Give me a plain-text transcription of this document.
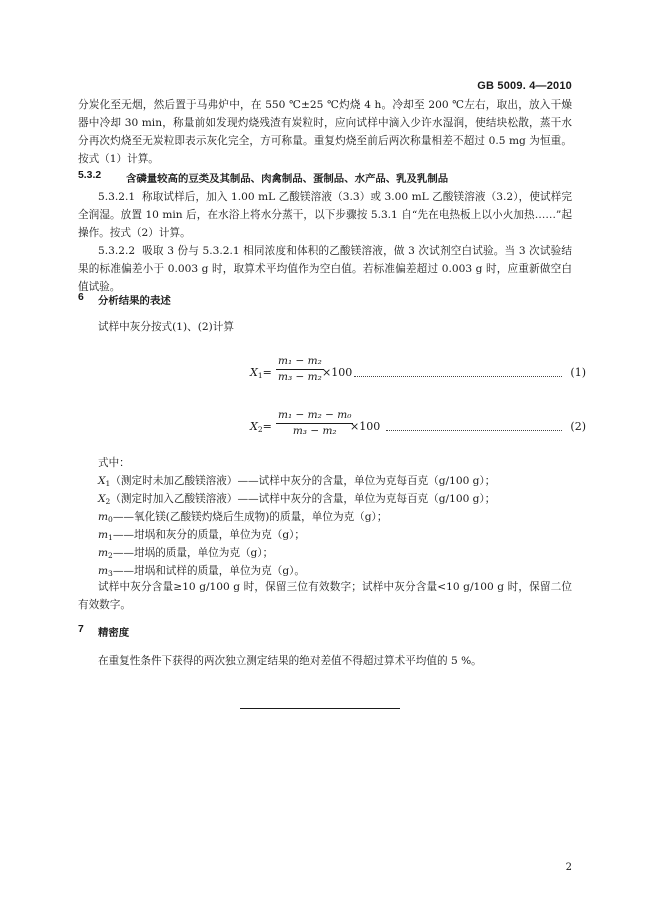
GB 5009. 4—2010
分炭化至无烟，然后置于马弗炉中，在 550 ℃±25 ℃灼烧 4 h。冷却至 200 ℃左右，取出，放入干燥器中冷却 30 min，称量前如发现灼烧残渣有炭粒时，应向试样中滴入少许水湿润，使结块松散，蒸干水分再次灼烧至无炭粒即表示灰化完全，方可称量。重复灼烧至前后两次称量相差不超过 0.5 mg 为恒重。按式（1）计算。
5.3.2 含磷量较高的豆类及其制品、肉禽制品、蛋制品、水产品、乳及乳制品
5.3.2.1 称取试样后，加入 1.00 mL 乙酸镁溶液（3.3）或 3.00 mL 乙酸镁溶液（3.2），使试样完全润湿。放置 10 min 后，在水浴上将水分蒸干，以下步骤按 5.3.1 自“先在电热板上以小火加热……”起操作。按式（2）计算。
5.3.2.2 吸取 3 份与 5.3.2.1 相同浓度和体积的乙酸镁溶液，做 3 次试剂空白试验。当 3 次试验结果的标准偏差小于 0.003 g 时，取算术平均值作为空白值。若标准偏差超过 0.003 g 时，应重新做空白值试验。
6 分析结果的表述
试样中灰分按式(1)、(2)计算
$X_1= \frac{\text{m₁ − m₂}}{\text{m₃ − m₂}}$
×100	(1)
$X_2= \frac{\text{m₁ − m₂ − m₀}}{\text{m₃ − m₂}}$
×100	(2)
式中：
$X_1$（测定时未加乙酸镁溶液）——试样中灰分的含量，单位为克每百克（g/100 g）；
$X_2$（测定时加入乙酸镁溶液）——试样中灰分的含量，单位为克每百克（g/100 g）；
$m_0——$氧化镁(乙酸镁灼烧后生成物)的质量，单位为克（g）；
$m_1——$坩埚和灰分的质量，单位为克（g）；
$m_2——$坩埚的质量，单位为克（g）；
$m_3——$坩埚和试样的质量，单位为克（g）。
试样中灰分含量≥10 g/100 g 时，保留三位有效数字；试样中灰分含量<10 g/100 g 时，保留二位有效数字。
7 精密度
在重复性条件下获得的两次独立测定结果的绝对差值不得超过算术平均值的 5 %。
2
